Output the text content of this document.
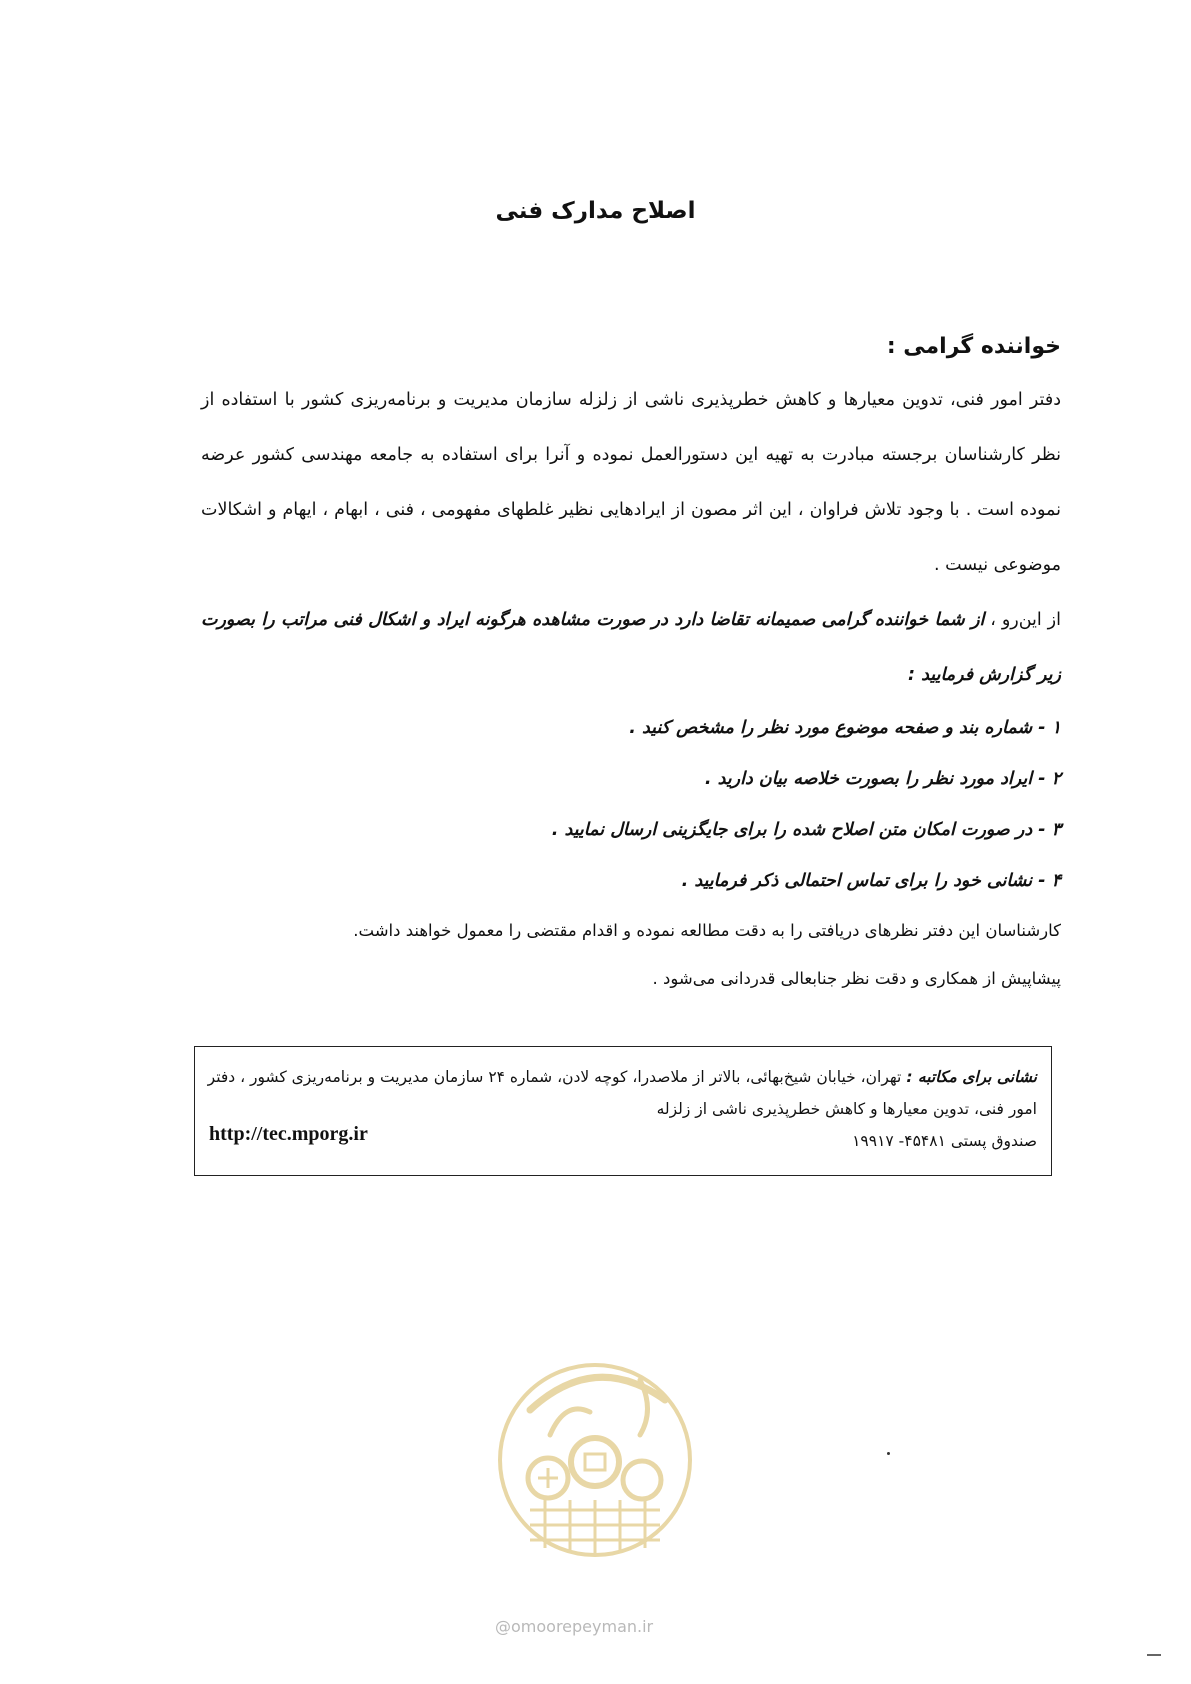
اصلاح مدارک فنی
خواننده گرامی :

دفتر امور فنی، تدوین معیارها و کاهش خطرپذیری ناشی از زلزله سازمان مدیریت و برنامه‌ریزی کشور با استفاده از نظر کارشناسان برجسته مبادرت به تهیه این دستورالعمل نموده و آنرا برای استفاده به جامعه مهندسی کشور عرضه نموده است . با وجود تلاش فراوان ، این اثر مصون از ایرادهایی نظیر غلطهای مفهومی ، فنی ، ابهام ، ایهام و اشکالات موضوعی نیست .

از این‌رو ، از شما خواننده گرامی صمیمانه تقاضا دارد در صورت مشاهده هرگونه ایراد و اشکال فنی مراتب را بصورت زیر گزارش فرمایید :

۱ - شماره بند و صفحه موضوع مورد نظر را مشخص کنید .
۲ - ایراد مورد نظر را بصورت خلاصه بیان دارید .
۳ - در صورت امکان متن اصلاح شده را برای جایگزینی ارسال نمایید .
۴ - نشانی خود را برای تماس احتمالی ذکر فرمایید .

کارشناسان این دفتر نظرهای دریافتی را به دقت مطالعه نموده و اقدام مقتضی را معمول خواهند داشت.

پیشاپیش از همکاری و دقت نظر جنابعالی قدردانی می‌شود .

نشانی برای مکاتبه : تهران، خیابان شیخ‌بهائی، بالاتر از ملاصدرا، کوچه لادن، شماره ۲۴ سازمان مدیریت و برنامه‌ریزی کشور ، دفتر امور فنی، تدوین معیارها و کاهش خطرپذیری ناشی از زلزله
صندوق پستی ۴۵۴۸۱- ۱۹۹۱۷
http://tec.mporg.ir
@omoorepeyman.ir
